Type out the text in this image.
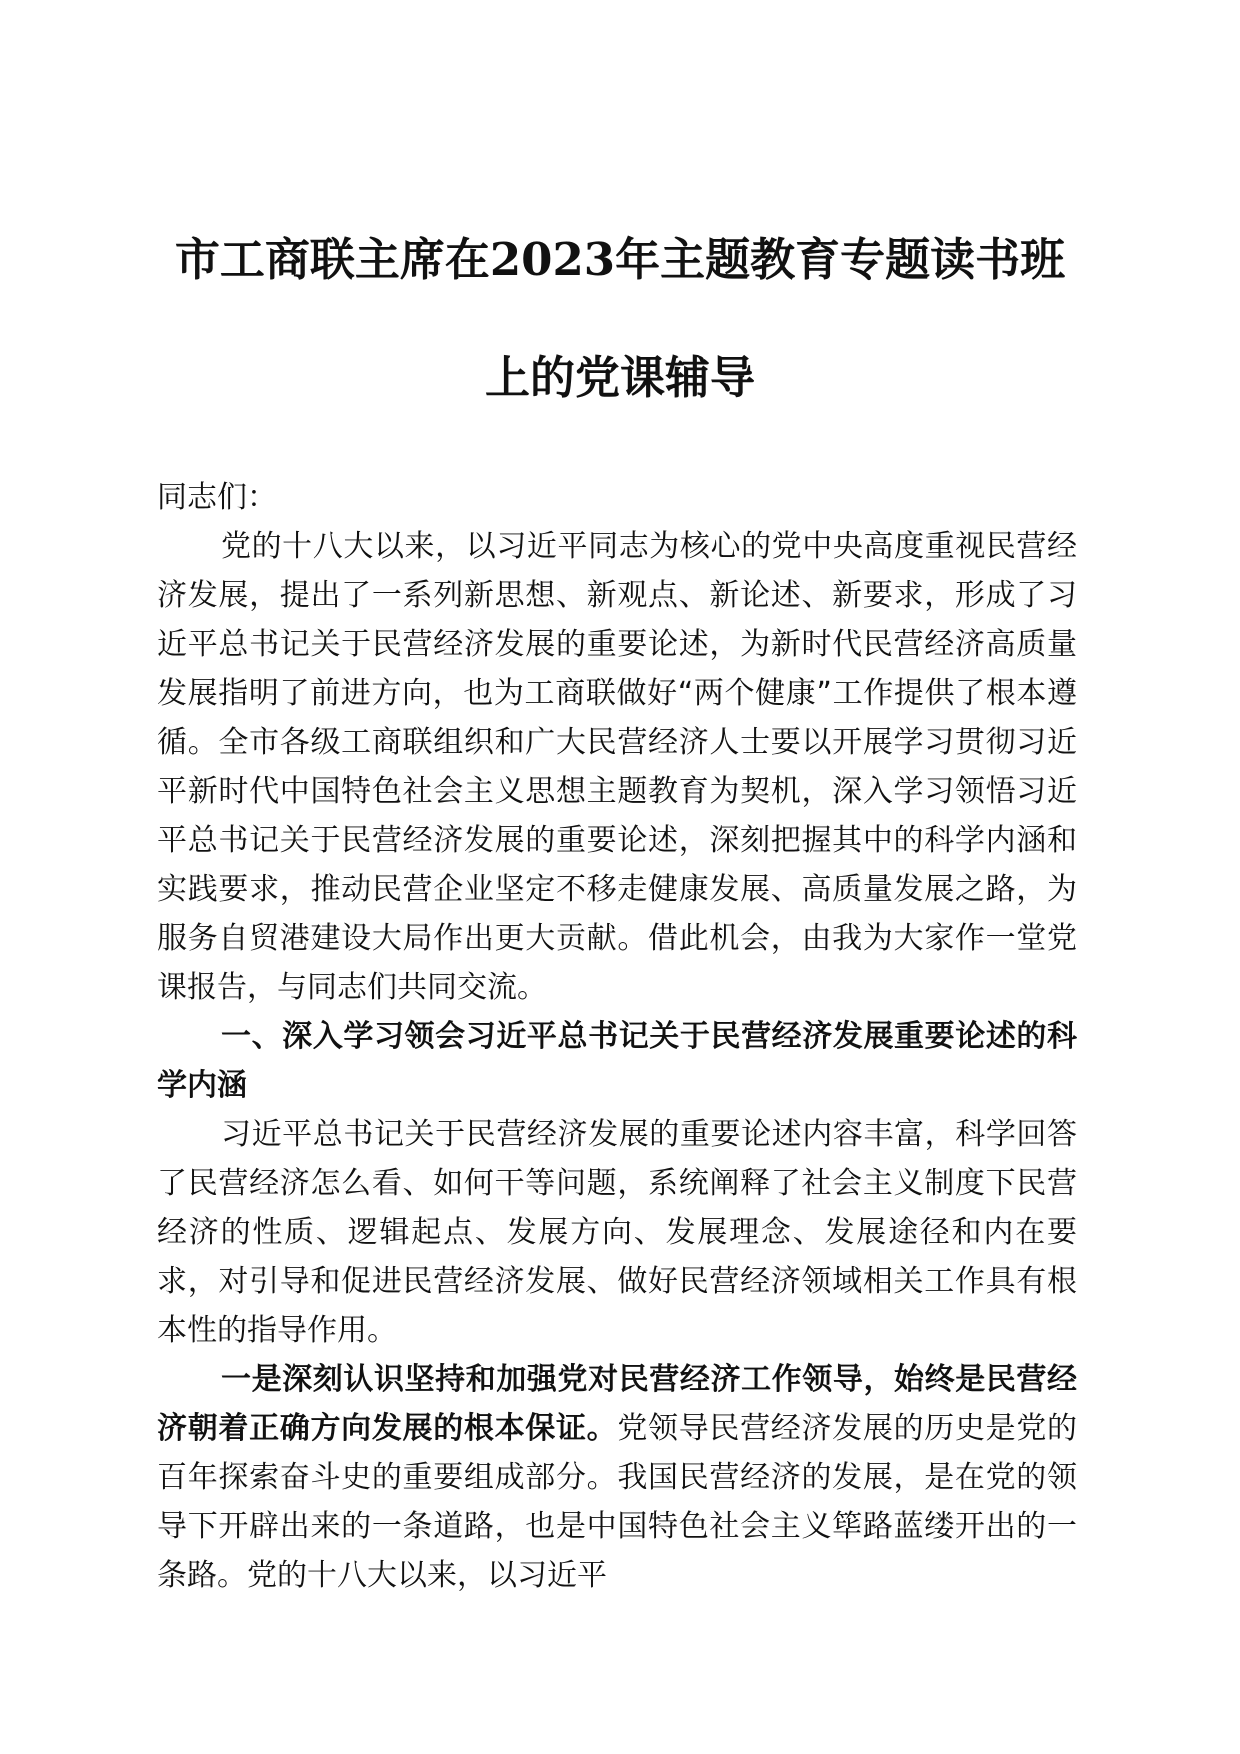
市工商联主席在2023年主题教育专题读书班
上的党课辅导

同志们：

党的十八大以来，以习近平同志为核心的党中央高度重视民营经济发展，提出了一系列新思想、新观点、新论述、新要求，形成了习近平总书记关于民营经济发展的重要论述，为新时代民营经济高质量发展指明了前进方向，也为工商联做好“两个健康”工作提供了根本遵循。全市各级工商联组织和广大民营经济人士要以开展学习贯彻习近平新时代中国特色社会主义思想主题教育为契机，深入学习领悟习近平总书记关于民营经济发展的重要论述，深刻把握其中的科学内涵和实践要求，推动民营企业坚定不移走健康发展、高质量发展之路，为服务自贸港建设大局作出更大贡献。借此机会，由我为大家作一堂党课报告，与同志们共同交流。

一、深入学习领会习近平总书记关于民营经济发展重要论述的科学内涵

习近平总书记关于民营经济发展的重要论述内容丰富，科学回答了民营经济怎么看、如何干等问题，系统阐释了社会主义制度下民营经济的性质、逻辑起点、发展方向、发展理念、发展途径和内在要求，对引导和促进民营经济发展、做好民营经济领域相关工作具有根本性的指导作用。

一是深刻认识坚持和加强党对民营经济工作领导，始终是民营经济朝着正确方向发展的根本保证。党领导民营经济发展的历史是党的百年探索奋斗史的重要组成部分。我国民营经济的发展，是在党的领导下开辟出来的一条道路，也是中国特色社会主义筚路蓝缕开出的一条路。党的十八大以来，以习近平
